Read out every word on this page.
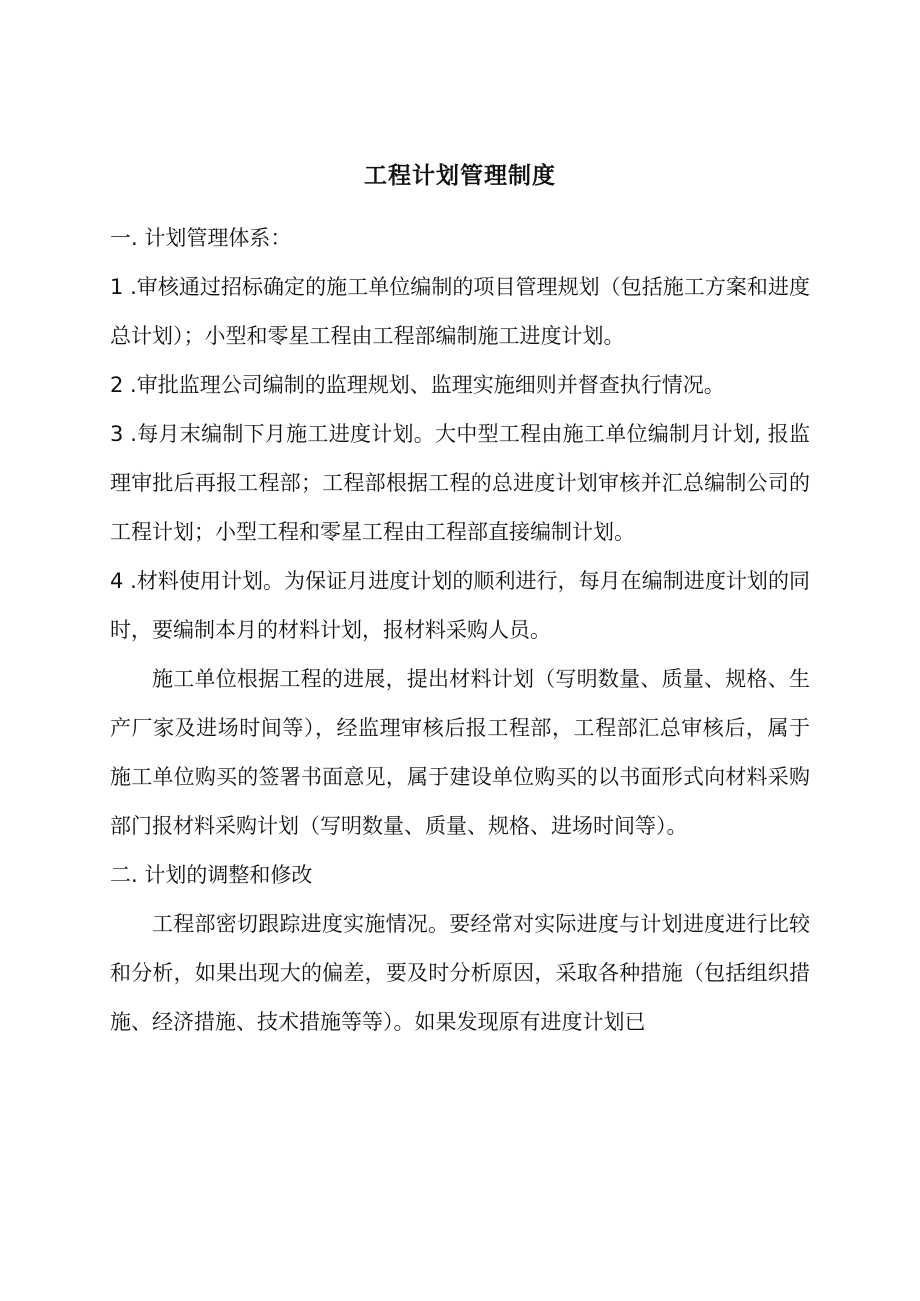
工程计划管理制度

一. 计划管理体系：

1 .审核通过招标确定的施工单位编制的项目管理规划（包括施工方案和进度总计划）；小型和零星工程由工程部编制施工进度计划。

2 .审批监理公司编制的监理规划、监理实施细则并督查执行情况。

3 .每月末编制下月施工进度计划。大中型工程由施工单位编制月计划, 报监理审批后再报工程部；工程部根据工程的总进度计划审核并汇总编制公司的工程计划；小型工程和零星工程由工程部直接编制计划。

4 .材料使用计划。为保证月进度计划的顺利进行，每月在编制进度计划的同时，要编制本月的材料计划，报材料采购人员。

施工单位根据工程的进展，提出材料计划（写明数量、质量、规格、生产厂家及进场时间等），经监理审核后报工程部，工程部汇总审核后，属于施工单位购买的签署书面意见，属于建设单位购买的以书面形式向材料采购部门报材料采购计划（写明数量、质量、规格、进场时间等）。

二. 计划的调整和修改

工程部密切跟踪进度实施情况。要经常对实际进度与计划进度进行比较和分析，如果出现大的偏差，要及时分析原因，采取各种措施（包括组织措施、经济措施、技术措施等等）。如果发现原有进度计划已
